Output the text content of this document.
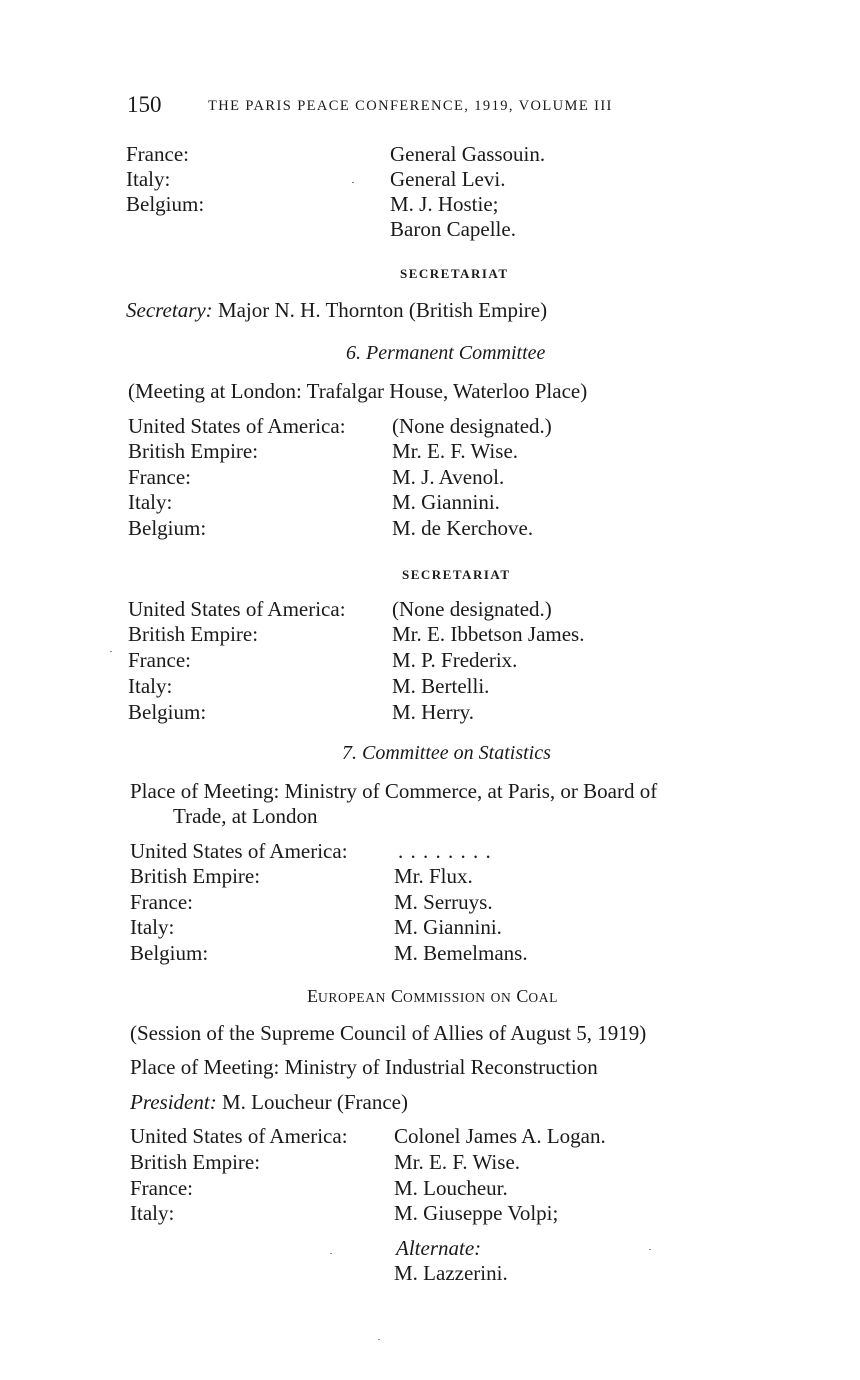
150	THE PARIS PEACE CONFERENCE, 1919, VOLUME III
France:	General Gassouin.
Italy:	General Levi.
Belgium:	M. J. Hostie;
Baron Capelle.
SECRETARIAT
Secretary: Major N. H. Thornton (British Empire)
6. Permanent Committee
(Meeting at London: Trafalgar House, Waterloo Place)
United States of America: (None designated.)
British Empire:	Mr. E. F. Wise.
France:	M. J. Avenol.
Italy:	M. Giannini.
Belgium:	M. de Kerchove.
SECRETARIAT
United States of America: (None designated.)
British Empire:	Mr. E. Ibbetson James.
France:	M. P. Frederix.
Italy:	M. Bertelli.
Belgium:	M. Herry.
7. Committee on Statistics
Place of Meeting: Ministry of Commerce, at Paris, or Board of
Trade, at London
United States of America: . . . . . . . .
British Empire:	Mr. Flux.
France:	M. Serruys.
Italy:	M. Giannini.
Belgium:	M. Bemelmans.
EUROPEAN COMMISSION ON COAL
(Session of the Supreme Council of Allies of August 5, 1919)
Place of Meeting: Ministry of Industrial Reconstruction
President: M. Loucheur (France)
United States of America: Colonel James A. Logan.
British Empire:	Mr. E. F. Wise.
France:	M. Loucheur.
Italy:	M. Giuseppe Volpi;
Alternate:
M. Lazzerini.
